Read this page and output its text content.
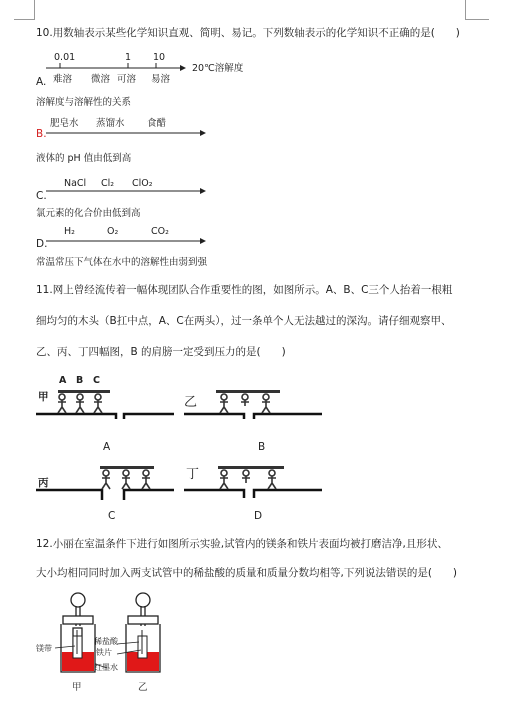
10.用数轴表示某些化学知识直观、简明、易记。下列数轴表示的化学知识不正确的是(　　)
0.01	1 10
20℃溶解度
A. 难溶 微溶 可溶 易溶
溶解度与溶解性的关系
肥皂水 蒸馏水 食醋
B.
液体的 pH 值由低到高
NaCl Cl₂ ClO₂
C.
氯元素的化合价由低到高
H₂	O₂	CO₂
D.
常温常压下气体在水中的溶解性由弱到强
11.网上曾经流传着一幅体现团队合作重要性的图，如图所示。A、B、C三个人抬着一根粗
细均匀的木头（B扛中点，A、C在两头），过一条单个人无法越过的深沟。请仔细观察甲、
乙、丙、丁四幅图，B 的肩膀一定受到压力的是(　　)
甲
A B C
乙
A	B
丙
丁
C	D
12.小丽在室温条件下进行如图所示实验,试管内的镁条和铁片表面均被打磨洁净,且形状、
大小均相同同时加入两支试管中的稀盐酸的质量和质量分数均相等,下列说法错误的是(　　)
镁带
稀盐酸
铁片
红墨水
甲	乙
